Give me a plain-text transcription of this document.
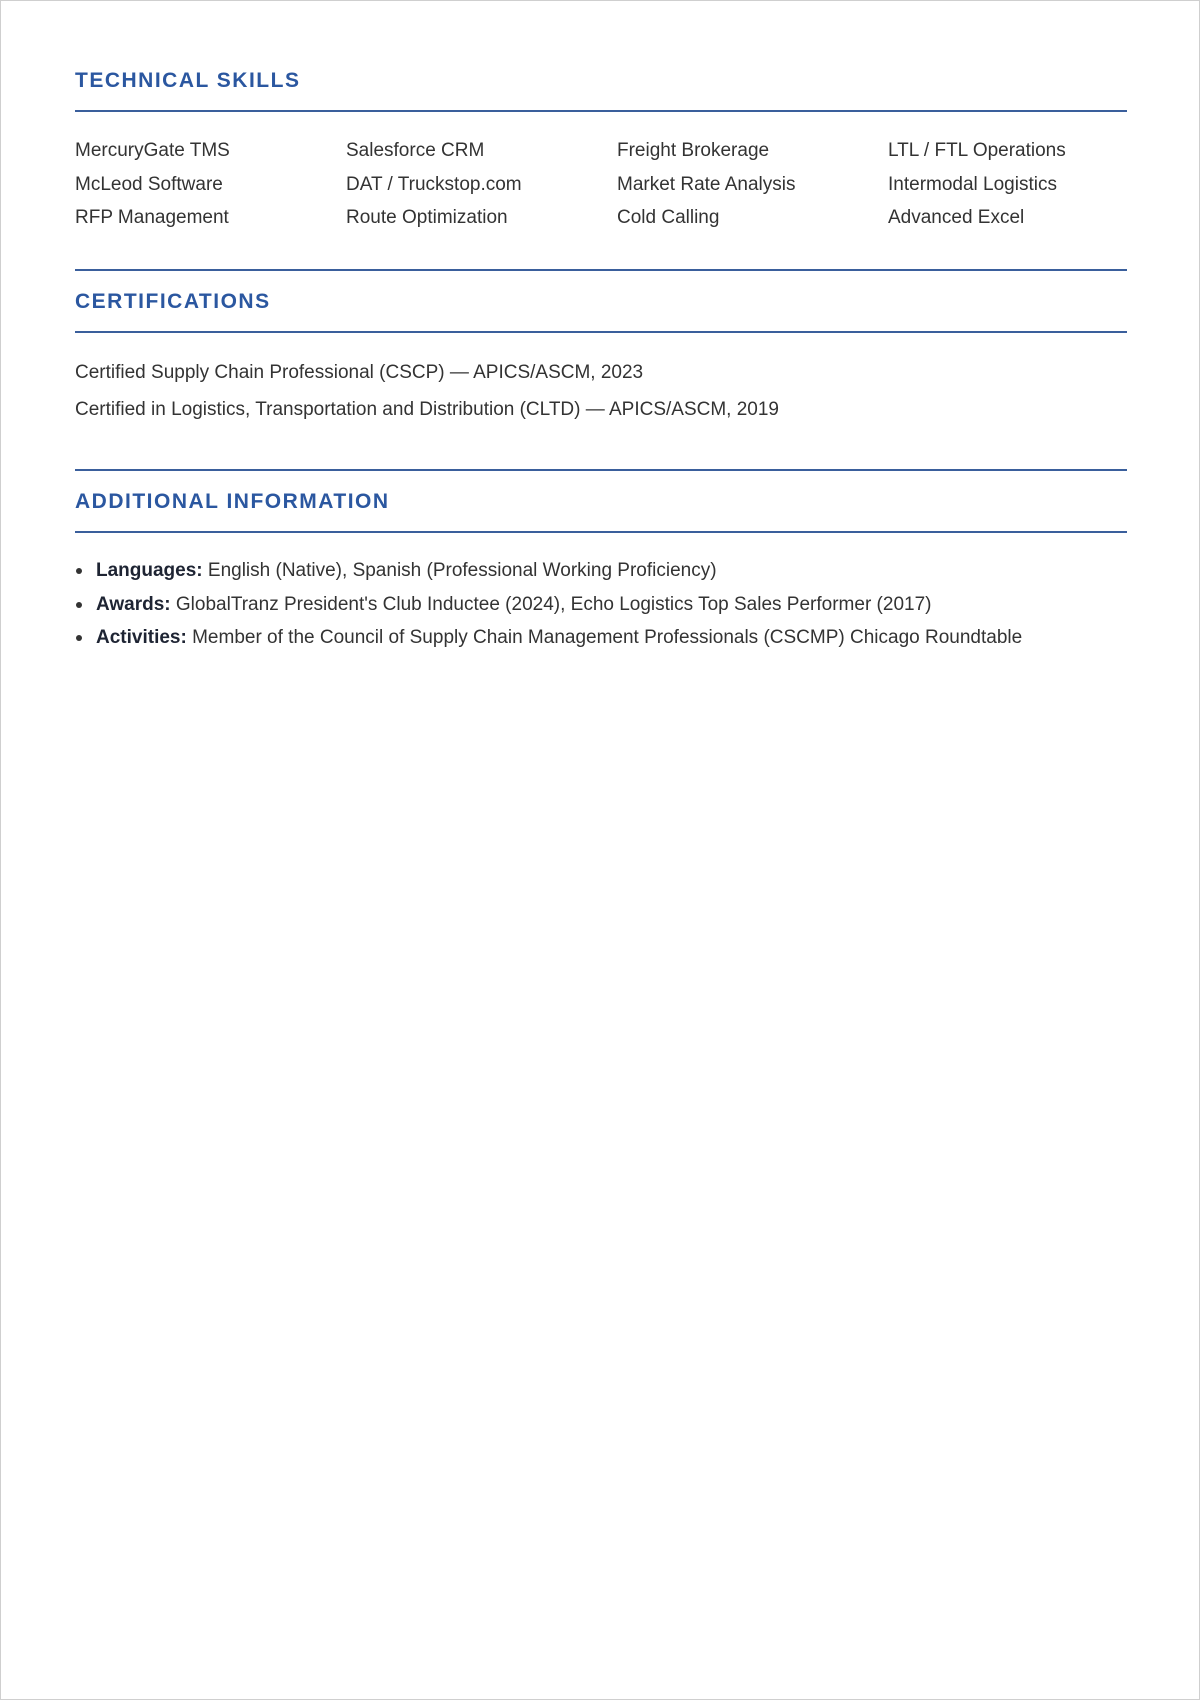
TECHNICAL SKILLS
MercuryGate TMS	Salesforce CRM	Freight Brokerage	LTL / FTL Operations
McLeod Software	DAT / Truckstop.com	Market Rate Analysis	Intermodal Logistics
RFP Management	Route Optimization	Cold Calling	Advanced Excel
CERTIFICATIONS
Certified Supply Chain Professional (CSCP) — APICS/ASCM, 2023
Certified in Logistics, Transportation and Distribution (CLTD) — APICS/ASCM, 2019
ADDITIONAL INFORMATION
Languages: English (Native), Spanish (Professional Working Proficiency)
Awards: GlobalTranz President's Club Inductee (2024), Echo Logistics Top Sales Performer (2017)
Activities: Member of the Council of Supply Chain Management Professionals (CSCMP) Chicago Roundtable
